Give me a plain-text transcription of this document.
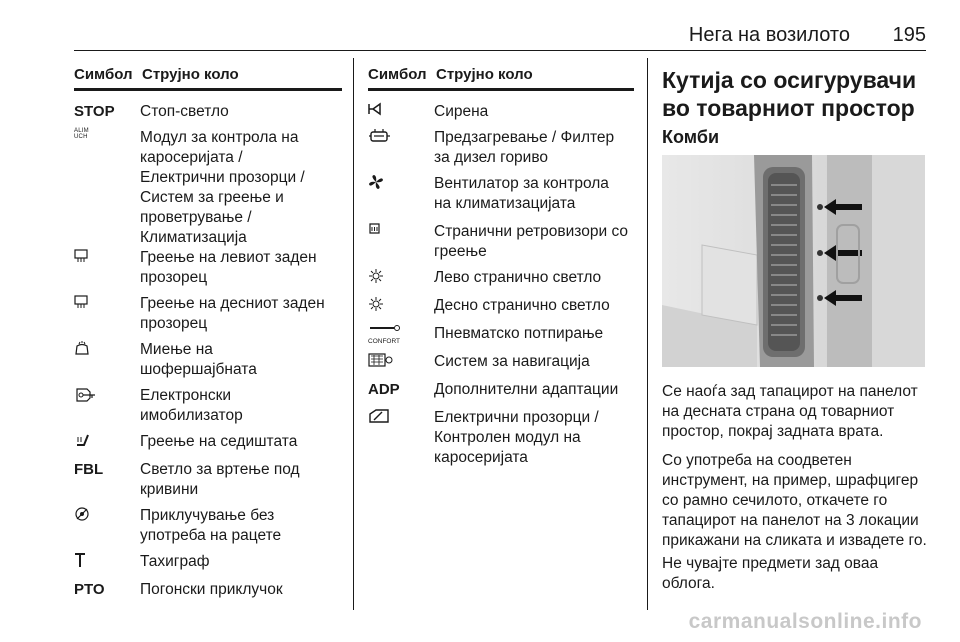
Нега на возилото 195
Симбол Струјно коло
STOP	Стоп-светло
ALIM
UCH	Модул за контрола на каросеријата / Електрични прозорци / Систем за греење и проветрување / Климатизација
Греење на левиот заден прозорец
Греење на десниот заден прозорец
Миење на шофершајбната
Електронски имобилизатор
Греење на седиштата
FBL	Светло за вртење под кривини
Приклучување без употреба на рацете
Тахиграф
PTO	Погонски приклучок
Симбол Струјно коло
Сирена
Предзагревање / Филтер за дизел гориво
Вентилатор за контрола на климатизацијата
Странични ретровизори со греење
Лево странично светло
Десно странично светло
CONFORT	Пневматско потпирање
Систем за навигација
ADP	Дополнителни адаптации
Електрични прозорци / Контролен модул на каросеријата
Кутија со осигурувачи во товарниот простор
Комби
Се наоѓа зад тапацирот на панелот на десната страна од товарниот простор, покрај задната врата.
Со употреба на соодветен инструмент, на пример, шрафцигер со рамно сечилото, откачете го тапацирот на панелот на 3 локации прикажани на сликата и извадете го.
Не чувајте предмети зад оваа облога.
carmanualsonline.info
